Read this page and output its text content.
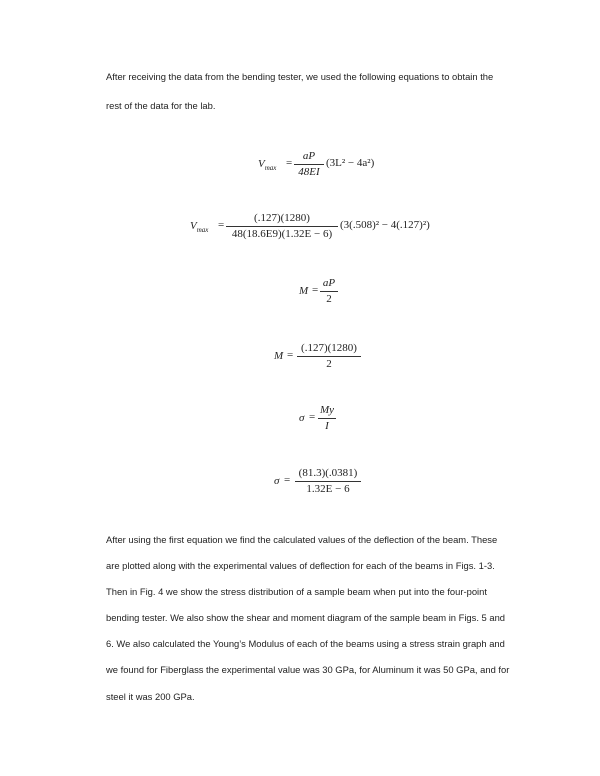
After receiving the data from the bending tester, we used the following equations to obtain the
rest of the data for the lab.
$V_{max}$ =
aP
48EI
(3L² − 4a²)
$V_{max}$ =
(.127)(1280)
48(18.6E9)(1.32E − 6)
(3(.508)² − 4(.127)²)
M =
aP
2
M =
(.127)(1280)
2
σ =
My
I
σ =
(81.3)(.0381)
1.32E − 6
After using the first equation we find the calculated values of the deflection of the beam. These
are plotted along with the experimental values of deflection for each of the beams in Figs. 1-3.
Then in Fig. 4 we show the stress distribution of a sample beam when put into the four-point
bending tester. We also show the shear and moment diagram of the sample beam in Figs. 5 and
6. We also calculated the Young’s Modulus of each of the beams using a stress strain graph and
we found for Fiberglass the experimental value was 30 GPa, for Aluminum it was 50 GPa, and for
steel it was 200 GPa.
